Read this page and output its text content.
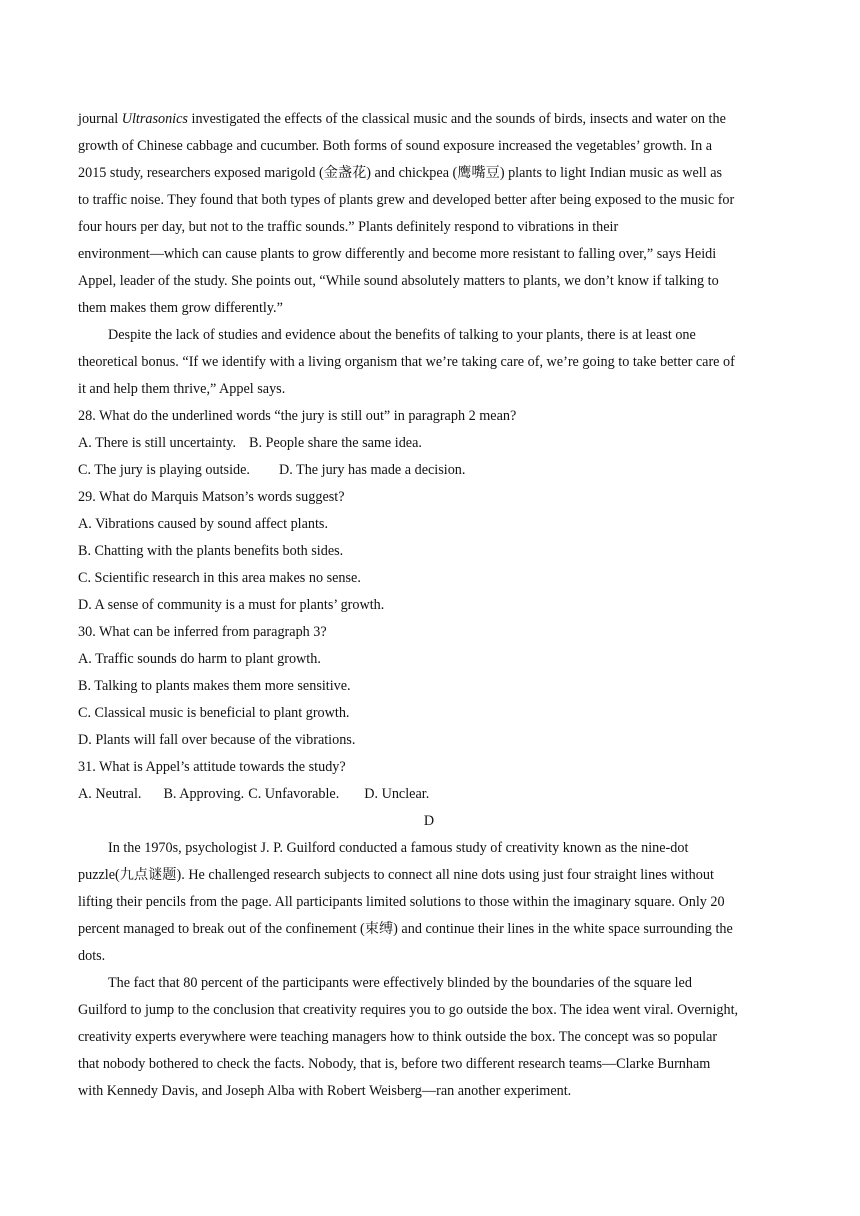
journal Ultrasonics investigated the effects of the classical music and the sounds of birds, insects and water on the
growth of Chinese cabbage and cucumber. Both forms of sound exposure increased the vegetables’ growth. In a
2015 study, researchers exposed marigold (金盏花) and chickpea (鹰嘴豆) plants to light Indian music as well as
to traffic noise. They found that both types of plants grew and developed better after being exposed to the music for
four hours per day, but not to the traffic sounds.” Plants definitely respond to vibrations in their
environment—which can cause plants to grow differently and become more resistant to falling over,” says Heidi
Appel, leader of the study. She points out, “While sound absolutely matters to plants, we don’t know if talking to
them makes them grow differently.”
Despite the lack of studies and evidence about the benefits of talking to your plants, there is at least one
theoretical bonus. “If we identify with a living organism that we’re taking care of, we’re going to take better care of
it and help them thrive,” Appel says.
28. What do the underlined words “the jury is still out” in paragraph 2 mean?
A. There is still uncertainty. B. People share the same idea.
C. The jury is playing outside. D. The jury has made a decision.
29. What do Marquis Matson’s words suggest?
A. Vibrations caused by sound affect plants.
B. Chatting with the plants benefits both sides.
C. Scientific research in this area makes no sense.
D. A sense of community is a must for plants’ growth.
30. What can be inferred from paragraph 3?
A. Traffic sounds do harm to plant growth.
B. Talking to plants makes them more sensitive.
C. Classical music is beneficial to plant growth.
D. Plants will fall over because of the vibrations.
31. What is Appel’s attitude towards the study?
A. Neutral. B. Approving. C. Unfavorable. D. Unclear.
D
In the 1970s, psychologist J. P. Guilford conducted a famous study of creativity known as the nine-dot
puzzle(九点谜题). He challenged research subjects to connect all nine dots using just four straight lines without
lifting their pencils from the page. All participants limited solutions to those within the imaginary square. Only 20
percent managed to break out of the confinement (束缚) and continue their lines in the white space surrounding the
dots.
The fact that 80 percent of the participants were effectively blinded by the boundaries of the square led
Guilford to jump to the conclusion that creativity requires you to go outside the box. The idea went viral. Overnight,
creativity experts everywhere were teaching managers how to think outside the box. The concept was so popular
that nobody bothered to check the facts. Nobody, that is, before two different research teams—Clarke Burnham
with Kennedy Davis, and Joseph Alba with Robert Weisberg—ran another experiment.
